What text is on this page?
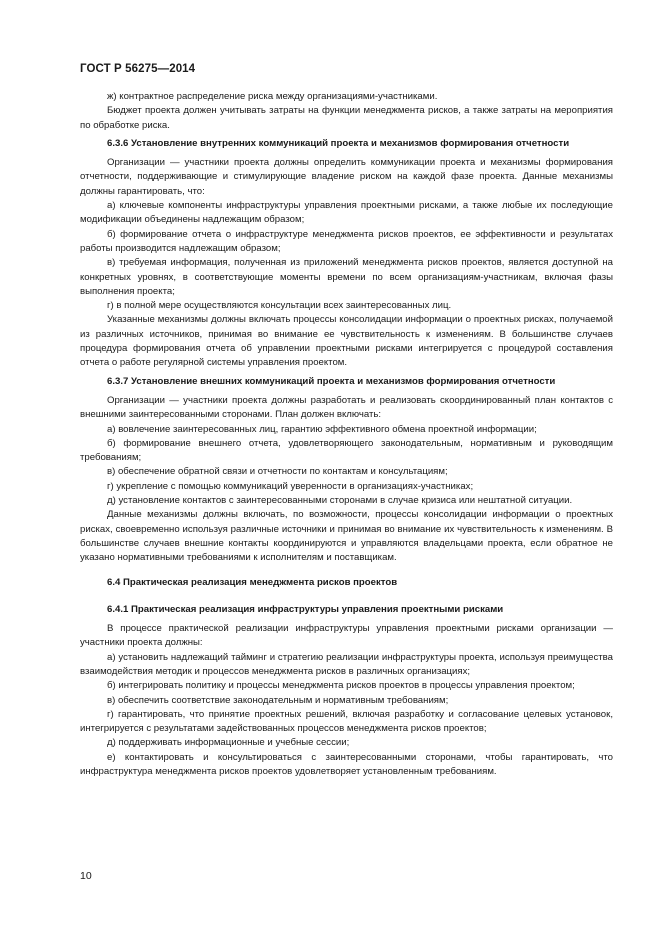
ГОСТ Р 56275—2014

ж) контрактное распределение риска между организациями-участниками.

Бюджет проекта должен учитывать затраты на функции менеджмента рисков, а также затраты на мероприятия по обработке риска.

6.3.6 Установление внутренних коммуникаций проекта и механизмов формирования отчетности

Организации — участники проекта должны определить коммуникации проекта и механизмы формирования отчетности, поддерживающие и стимулирующие владение риском на каждой фазе проекта. Данные механизмы должны гарантировать, что:

а) ключевые компоненты инфраструктуры управления проектными рисками, а также любые их последующие модификации объединены надлежащим образом;

б) формирование отчета о инфраструктуре менеджмента рисков проектов, ее эффективности и результатах работы производится надлежащим образом;

в) требуемая информация, полученная из приложений менеджмента рисков проектов, является доступной на конкретных уровнях, в соответствующие моменты времени по всем организациям-участникам, включая фазы выполнения проекта;

г) в полной мере осуществляются консультации всех заинтересованных лиц.

Указанные механизмы должны включать процессы консолидации информации о проектных рисках, получаемой из различных источников, принимая во внимание ее чувствительность к изменениям. В большинстве случаев процедура формирования отчета об управлении проектными рисками интегрируется с процедурой составления отчета о работе регулярной системы управления проектом.

6.3.7 Установление внешних коммуникаций проекта и механизмов формирования отчетности

Организации — участники проекта должны разработать и реализовать скоординированный план контактов с внешними заинтересованными сторонами. План должен включать:

а) вовлечение заинтересованных лиц, гарантию эффективного обмена проектной информации;

б) формирование внешнего отчета, удовлетворяющего законодательным, нормативным и руководящим требованиям;

в) обеспечение обратной связи и отчетности по контактам и консультациям;

г) укрепление с помощью коммуникаций уверенности в организациях-участниках;

д) установление контактов с заинтересованными сторонами в случае кризиса или нештатной ситуации.

Данные механизмы должны включать, по возможности, процессы консолидации информации о проектных рисках, своевременно используя различные источники и принимая во внимание их чувствительность к изменениям. В большинстве случаев внешние контакты координируются и управляются владельцами проекта, если обратное не указано нормативными требованиями к исполнителям и поставщикам.

6.4 Практическая реализация менеджмента рисков проектов

6.4.1 Практическая реализация инфраструктуры управления проектными рисками

В процессе практической реализации инфраструктуры управления проектными рисками организации — участники проекта должны:

а) установить надлежащий тайминг и стратегию реализации инфраструктуры проекта, используя преимущества взаимодействия методик и процессов менеджмента рисков в различных организациях;

б) интегрировать политику и процессы менеджмента рисков проектов в процессы управления проектом;

в) обеспечить соответствие законодательным и нормативным требованиям;

г) гарантировать, что принятие проектных решений, включая разработку и согласование целевых установок, интегрируется с результатами задействованных процессов менеджмента рисков проектов;

д) поддерживать информационные и учебные сессии;

е) контактировать и консультироваться с заинтересованными сторонами, чтобы гарантировать, что инфраструктура менеджмента рисков проектов удовлетворяет установленным требованиям.

10
